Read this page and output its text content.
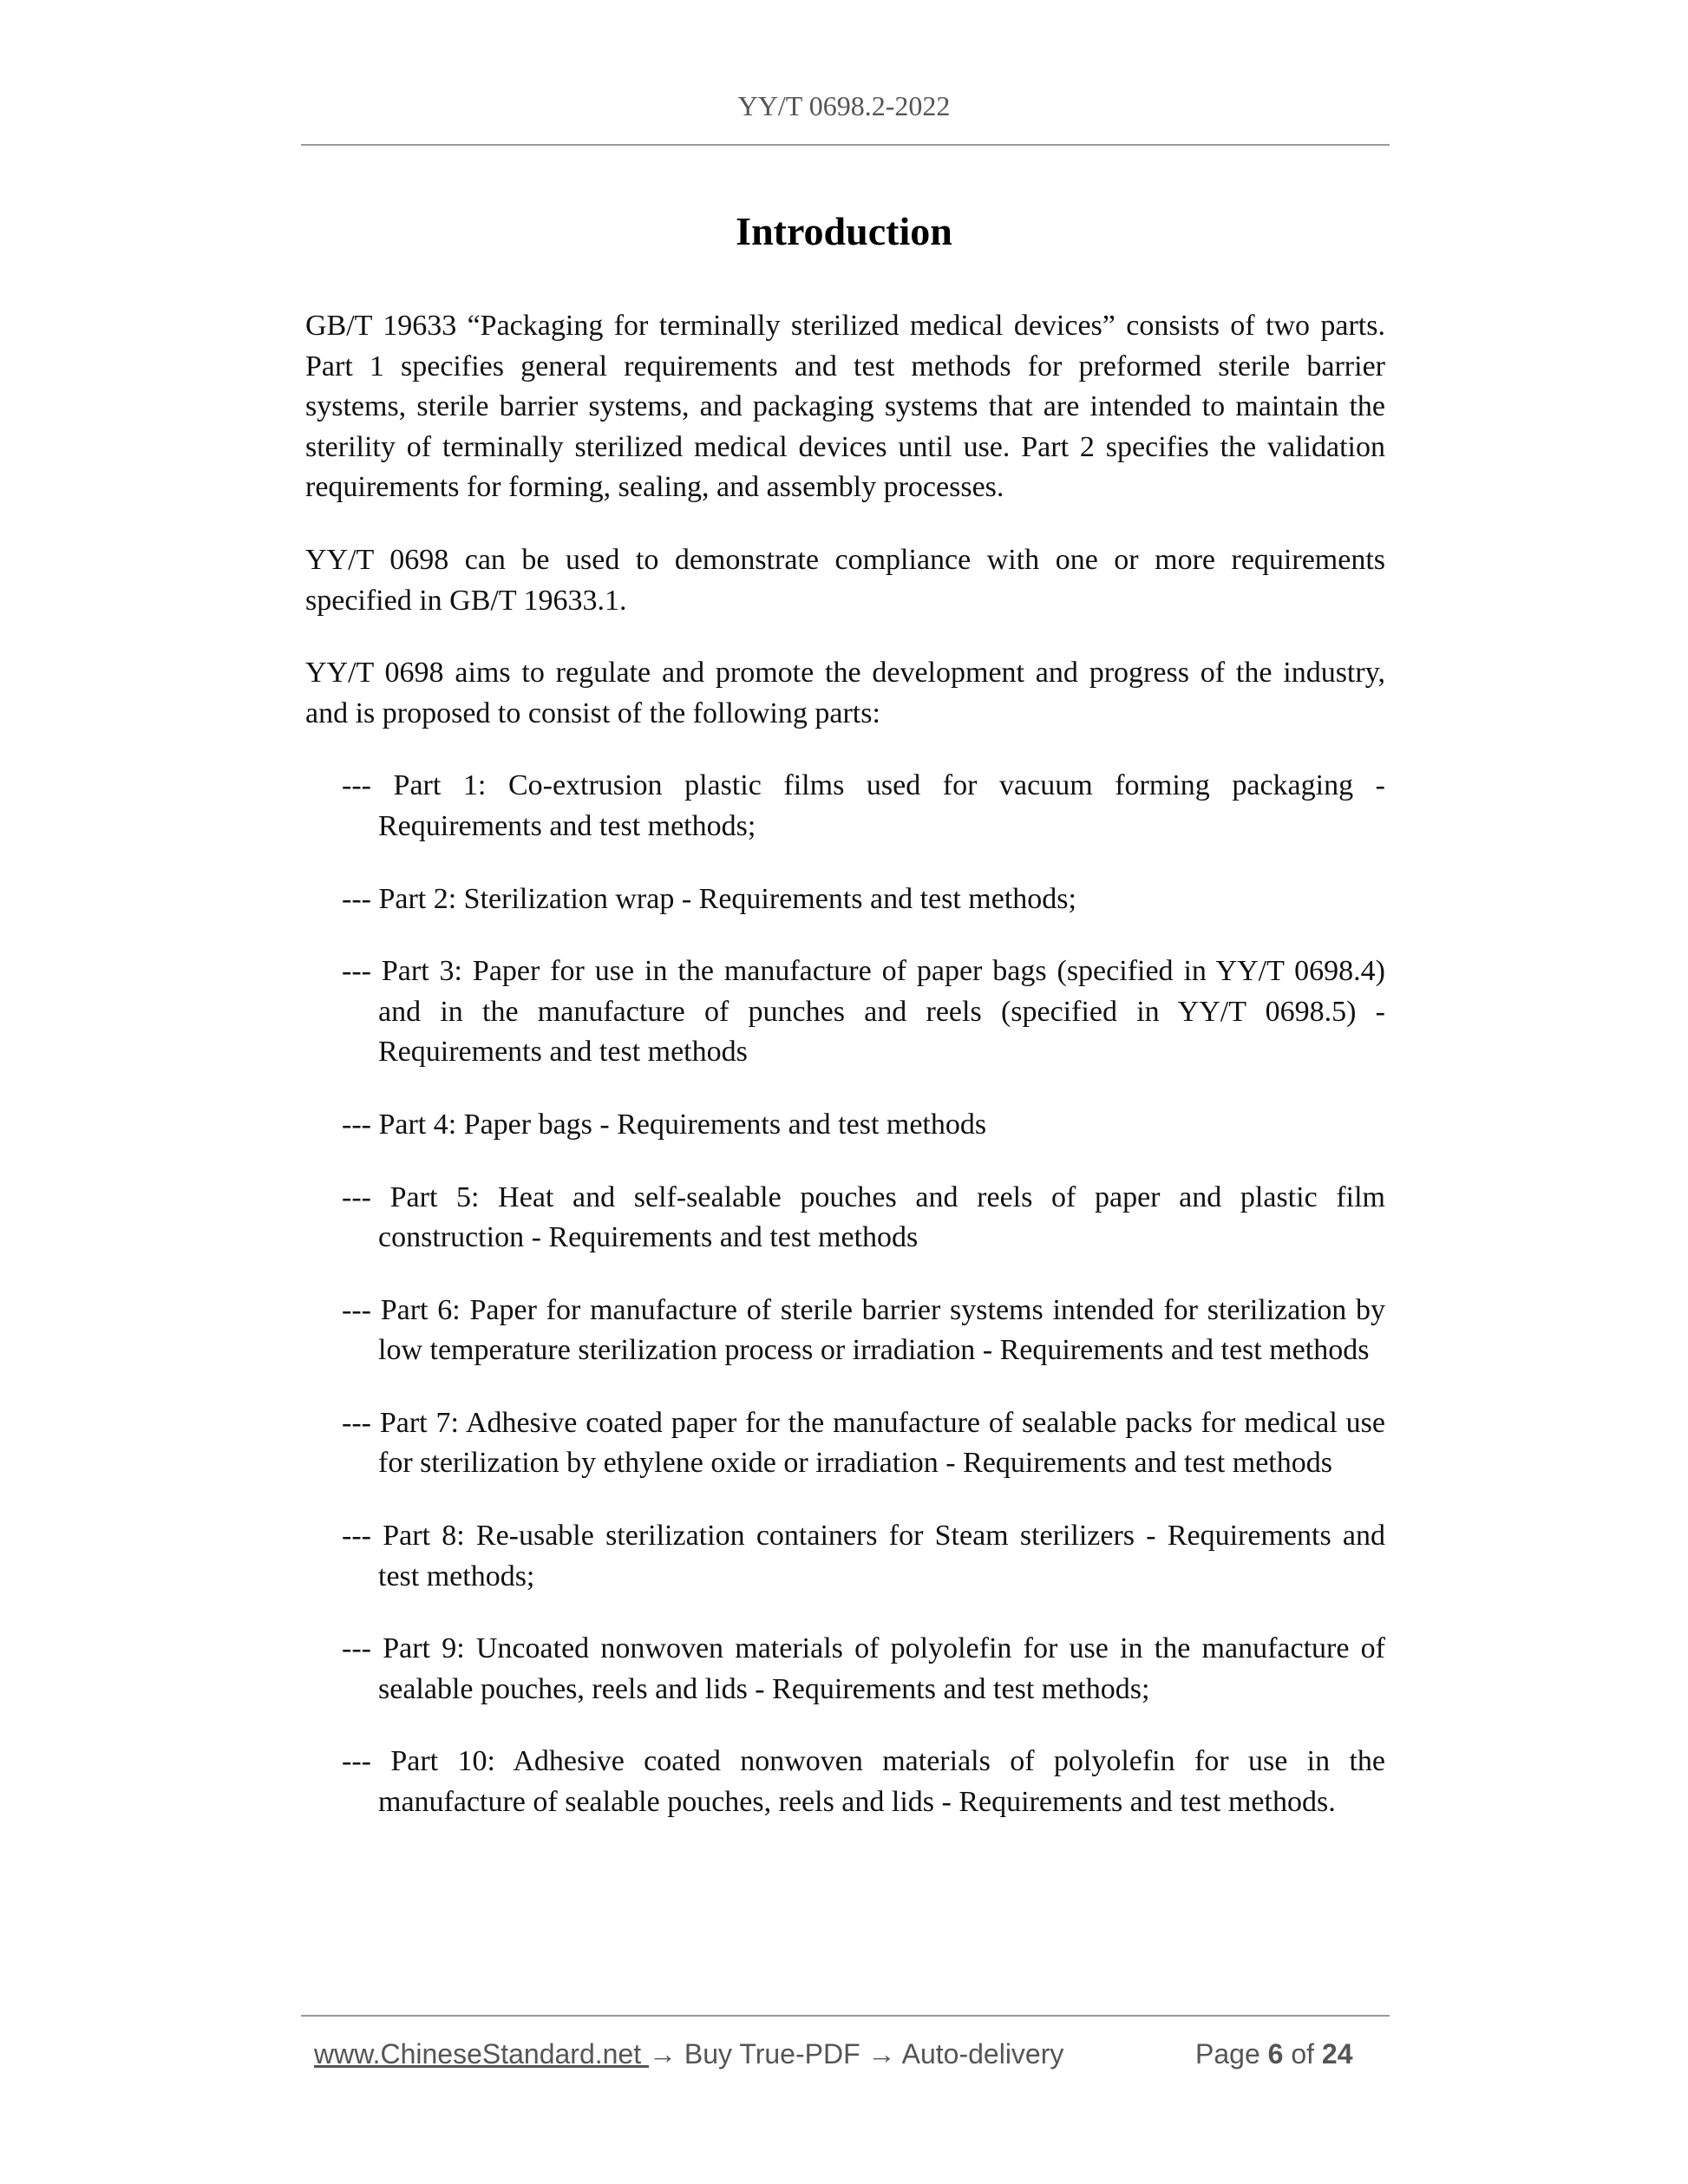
YY/T 0698.2-2022
Introduction

GB/T 19633 “Packaging for terminally sterilized medical devices” consists of two parts. Part 1 specifies general requirements and test methods for preformed sterile barrier systems, sterile barrier systems, and packaging systems that are intended to maintain the sterility of terminally sterilized medical devices until use. Part 2 specifies the validation requirements for forming, sealing, and assembly processes.

YY/T 0698 can be used to demonstrate compliance with one or more requirements specified in GB/T 19633.1.

YY/T 0698 aims to regulate and promote the development and progress of the industry, and is proposed to consist of the following parts:

--- Part 1: Co-extrusion plastic films used for vacuum forming packaging - Requirements and test methods;
--- Part 2: Sterilization wrap - Requirements and test methods;
--- Part 3: Paper for use in the manufacture of paper bags (specified in YY/T 0698.4) and in the manufacture of punches and reels (specified in YY/T 0698.5) - Requirements and test methods
--- Part 4: Paper bags - Requirements and test methods
--- Part 5: Heat and self-sealable pouches and reels of paper and plastic film construction - Requirements and test methods
--- Part 6: Paper for manufacture of sterile barrier systems intended for sterilization by low temperature sterilization process or irradiation - Requirements and test methods
--- Part 7: Adhesive coated paper for the manufacture of sealable packs for medical use for sterilization by ethylene oxide or irradiation - Requirements and test methods
--- Part 8: Re-usable sterilization containers for Steam sterilizers - Requirements and test methods;
--- Part 9: Uncoated nonwoven materials of polyolefin for use in the manufacture of sealable pouches, reels and lids - Requirements and test methods;
--- Part 10: Adhesive coated nonwoven materials of polyolefin for use in the manufacture of sealable pouches, reels and lids - Requirements and test methods.
www.ChineseStandard.net → Buy True-PDF → Auto-delivery	Page 6 of 24
